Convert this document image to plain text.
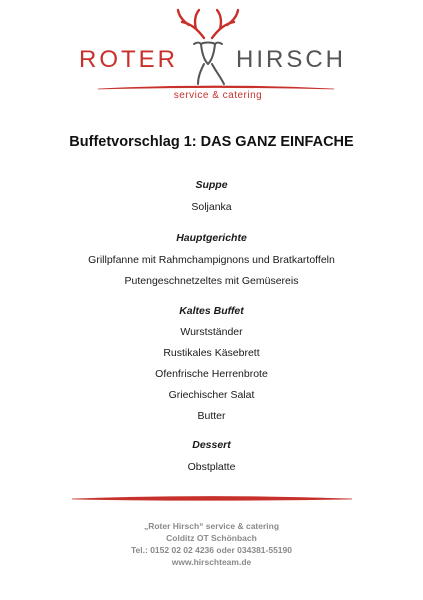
ROTER HIRSCH
service & catering
Buffetvorschlag 1: DAS GANZ EINFACHE

Suppe

Soljanka

Hauptgerichte

Grillpfanne mit Rahmchampignons und Bratkartoffeln

Putengeschnetzeltes mit Gemüsereis

Kaltes Buffet

Wurstständer

Rustikales Käsebrett

Ofenfrische Herrenbrote

Griechischer Salat

Butter

Dessert

Obstplatte

„Roter Hirsch“ service & catering
Colditz OT Schönbach
Tel.: 0152 02 02 4236 oder 034381-55190
www.hirschteam.de
